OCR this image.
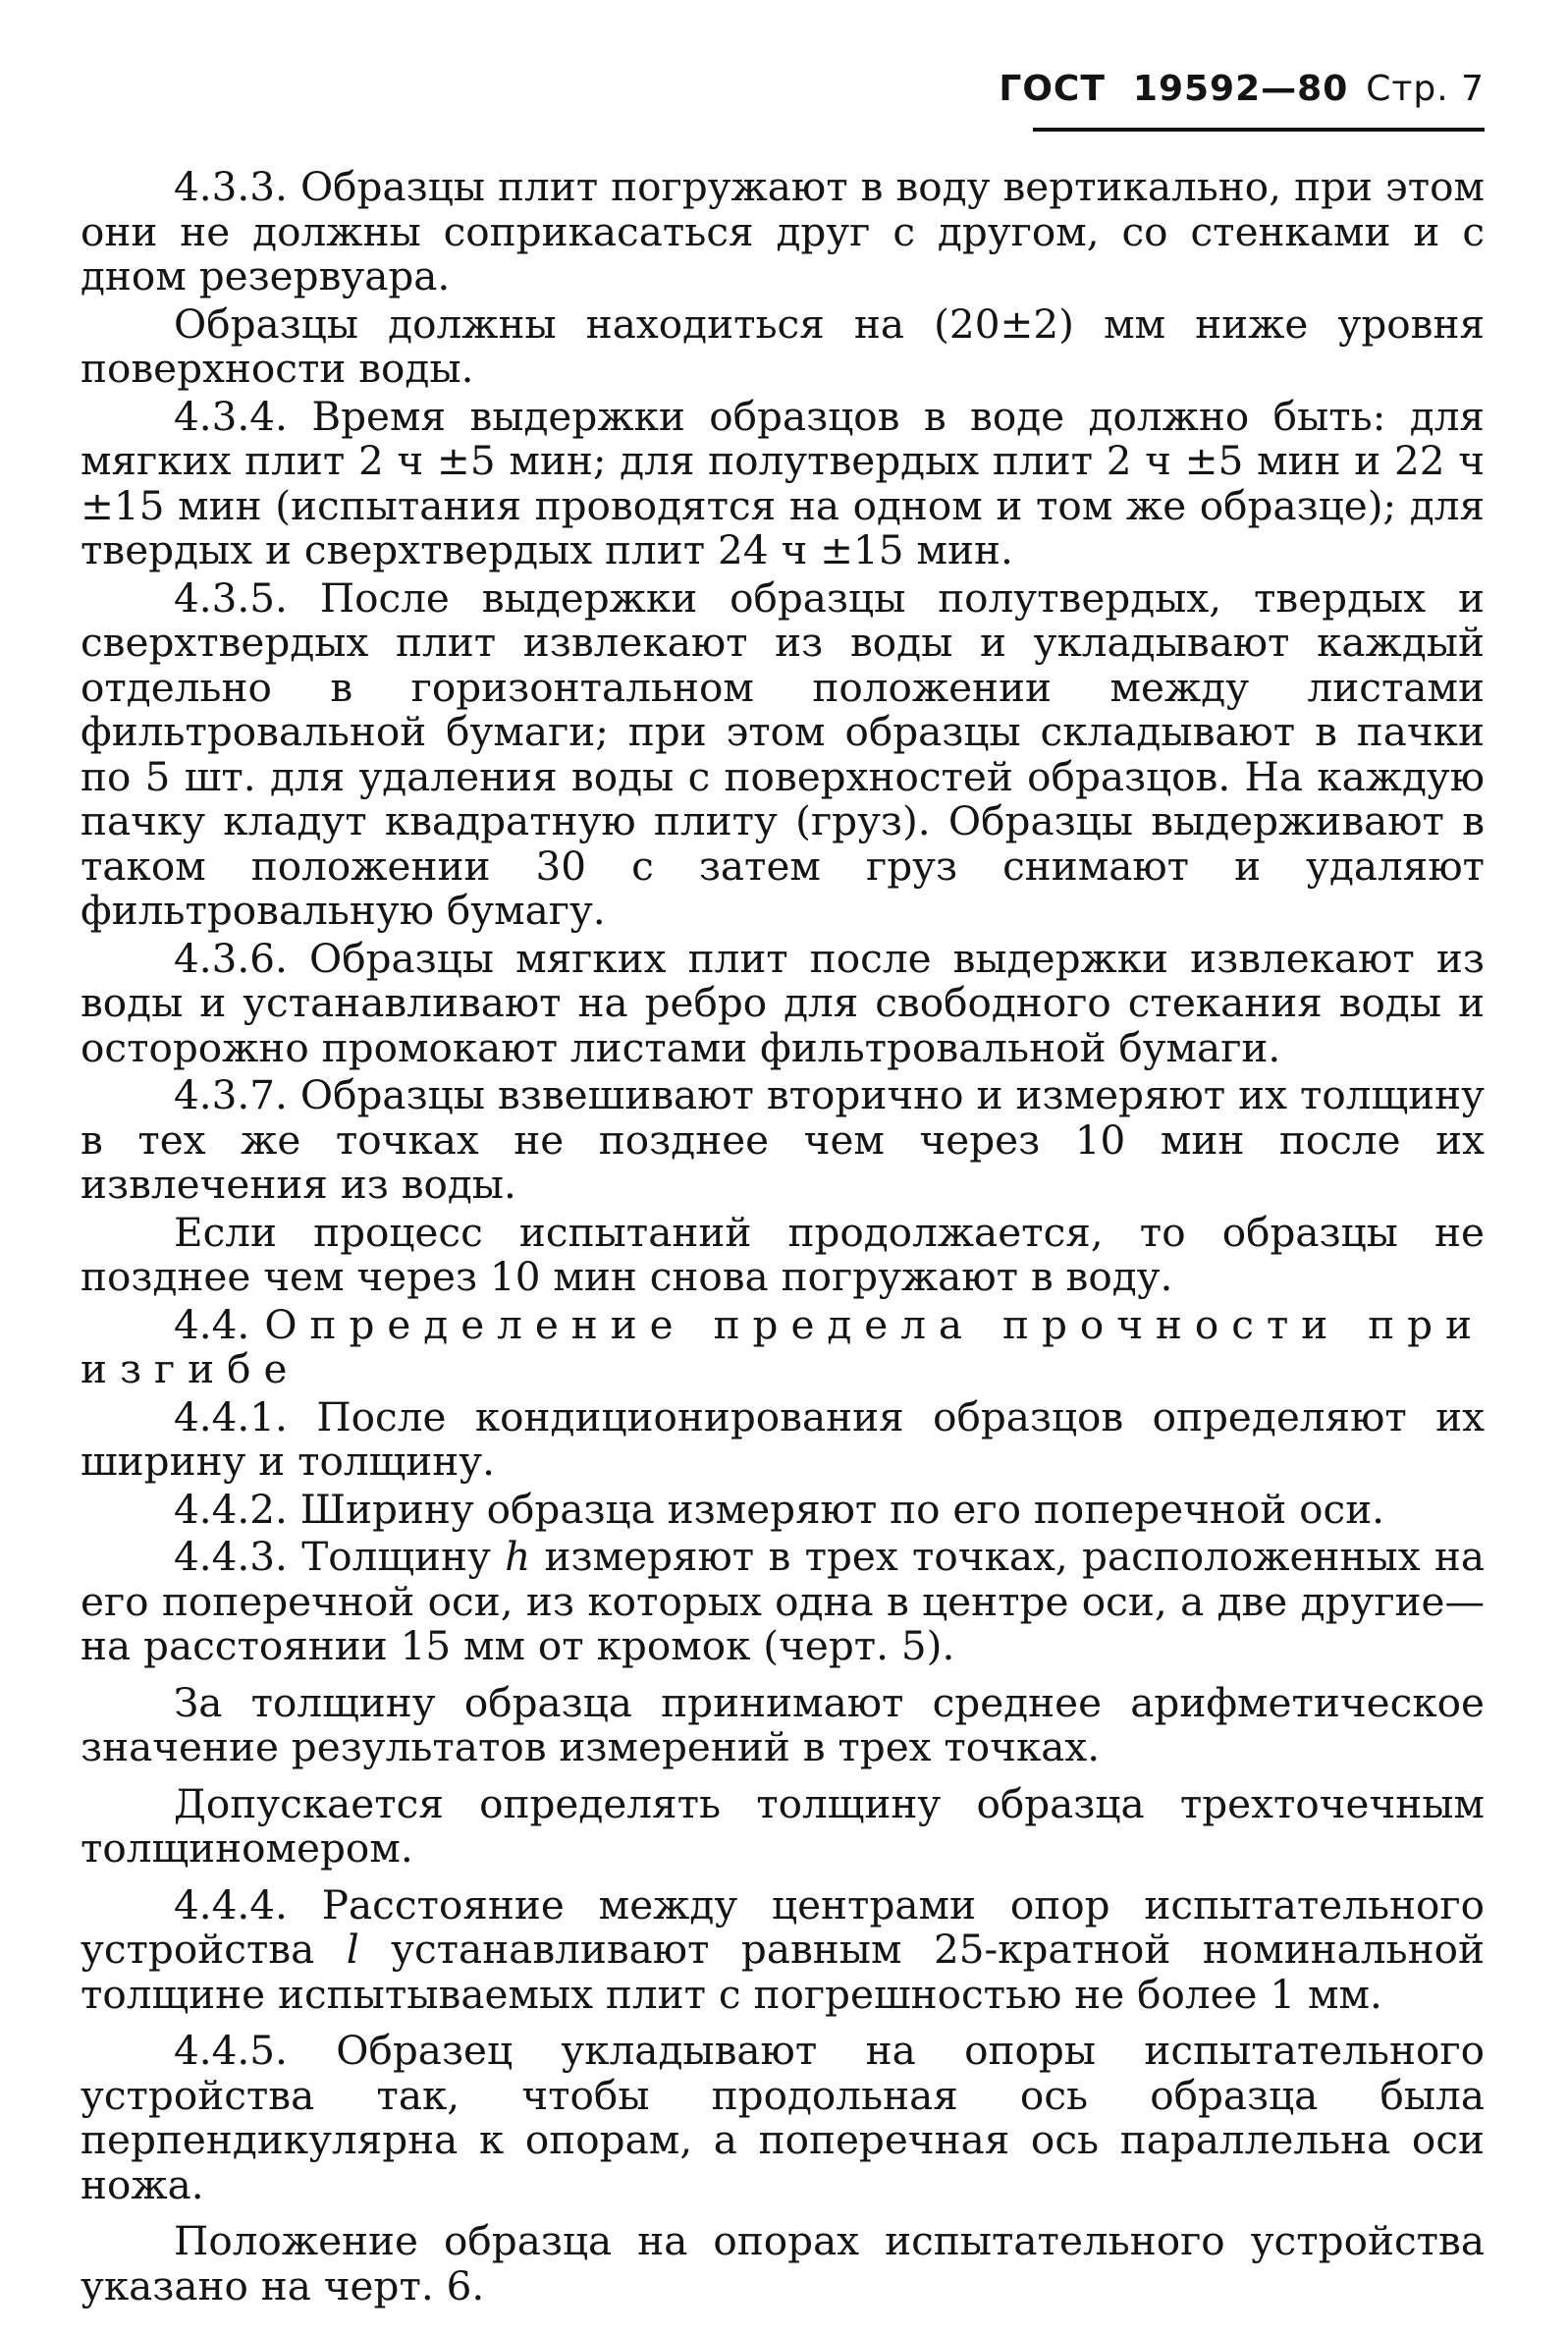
ГОСТ 19592—80 Стр. 7

4.3.3. Образцы плит погружают в воду вертикально, при этом они не должны соприкасаться друг с другом, со стенками и с дном резервуара.

Образцы должны находиться на (20±2) мм ниже уровня поверхности воды.

4.3.4. Время выдержки образцов в воде должно быть: для мягких плит 2 ч ±5 мин; для полутвердых плит 2 ч ±5 мин и 22 ч ±15 мин (испытания проводятся на одном и том же образце); для твердых и сверхтвердых плит 24 ч ±15 мин.

4.3.5. После выдержки образцы полутвердых, твердых и сверхтвердых плит извлекают из воды и укладывают каждый отдельно в горизонтальном положении между листами фильтровальной бумаги; при этом образцы складывают в пачки по 5 шт. для удаления воды с поверхностей образцов. На каждую пачку кладут квадратную плиту (груз). Образцы выдерживают в таком положении 30 с затем груз снимают и удаляют фильтровальную бумагу.

4.3.6. Образцы мягких плит после выдержки извлекают из воды и устанавливают на ребро для свободного стекания воды и осторожно промокают листами фильтровальной бумаги.

4.3.7. Образцы взвешивают вторично и измеряют их толщину в тех же точках не позднее чем через 10 мин после их извлечения из воды.

Если процесс испытаний продолжается, то образцы не позднее чем через 10 мин снова погружают в воду.

4.4. Определение предела прочности при изгибе

4.4.1. После кондиционирования образцов определяют их ширину и толщину.

4.4.2. Ширину образца измеряют по его поперечной оси.

4.4.3. Толщину h измеряют в трех точках, расположенных на его поперечной оси, из которых одна в центре оси, а две другие— на расстоянии 15 мм от кромок (черт. 5).

За толщину образца принимают среднее арифметическое значение результатов измерений в трех точках.

Допускается определять толщину образца трехточечным толщиномером.

4.4.4. Расстояние между центрами опор испытательного устройства l устанавливают равным 25-кратной номинальной толщине испытываемых плит с погрешностью не более 1 мм.

4.4.5. Образец укладывают на опоры испытательного устройства так, чтобы продольная ось образца была перпендикулярна к опорам, а поперечная ось параллельна оси ножа.

Положение образца на опорах испытательного устройства указано на черт. 6.
